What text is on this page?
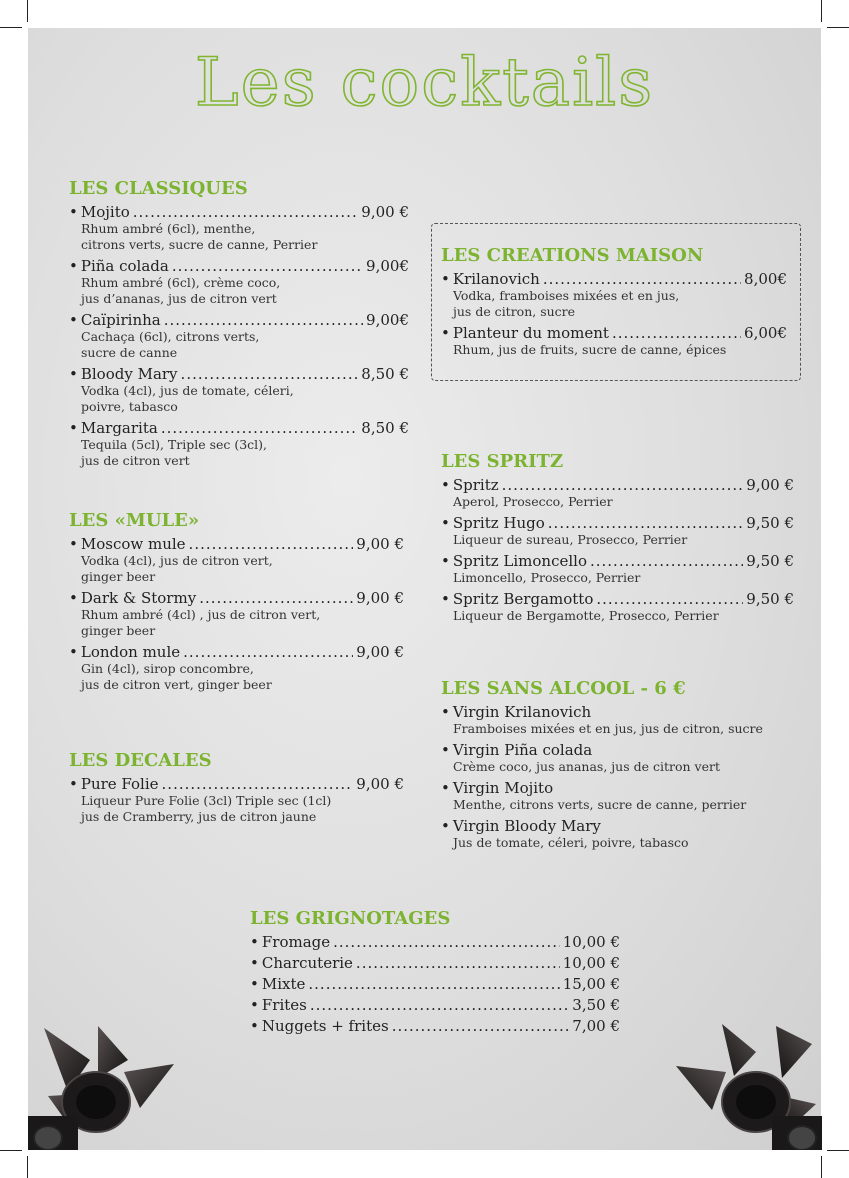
Les cocktails
LES CLASSIQUES
• Mojito .....	9,00 €
Rhum ambré (6cl), menthe,
citrons verts, sucre de canne, Perrier
• Piña colada .....	9,00€
Rhum ambré (6cl), crème coco,
jus d’ananas, jus de citron vert
• Caïpirinha .....	9,00€
Cachaça (6cl), citrons verts,
sucre de canne
• Bloody Mary .....	8,50 €
Vodka (4cl), jus de tomate, céleri,
poivre, tabasco
• Margarita .....	8,50 €
Tequila (5cl), Triple sec (3cl),
jus de citron vert
LES «MULE»
• Moscow mule .....	9,00 €
Vodka (4cl), jus de citron vert,
ginger beer
• Dark & Stormy .....	9,00 €
Rhum ambré (4cl) , jus de citron vert,
ginger beer
• London mule .....	9,00 €
Gin (4cl), sirop concombre,
jus de citron vert, ginger beer
LES DECALES
• Pure Folie .....	9,00 €
Liqueur Pure Folie (3cl) Triple sec (1cl)
jus de Cramberry, jus de citron jaune
LES CREATIONS MAISON
• Krilanovich .....	8,00€
Vodka, framboises mixées et en jus,
jus de citron, sucre
• Planteur du moment .....	6,00€
Rhum, jus de fruits, sucre de canne, épices
LES SPRITZ
• Spritz .....	9,00 €
Aperol, Prosecco, Perrier
• Spritz Hugo .....	9,50 €
Liqueur de sureau, Prosecco, Perrier
• Spritz Limoncello .....	9,50 €
Limoncello, Prosecco, Perrier
• Spritz Bergamotto .....	9,50 €
Liqueur de Bergamotte, Prosecco, Perrier
LES SANS ALCOOL - 6 €
• Virgin Krilanovich
Framboises mixées et en jus, jus de citron, sucre
• Virgin Piña colada
Crème coco, jus ananas, jus de citron vert
• Virgin Mojito
Menthe, citrons verts, sucre de canne, perrier
• Virgin Bloody Mary
Jus de tomate, céleri, poivre, tabasco
LES GRIGNOTAGES
• Fromage .....	10,00 €
• Charcuterie .....	10,00 €
• Mixte .....	15,00 €
• Frites .....	3,50 €
• Nuggets + frites .....	7,00 €
